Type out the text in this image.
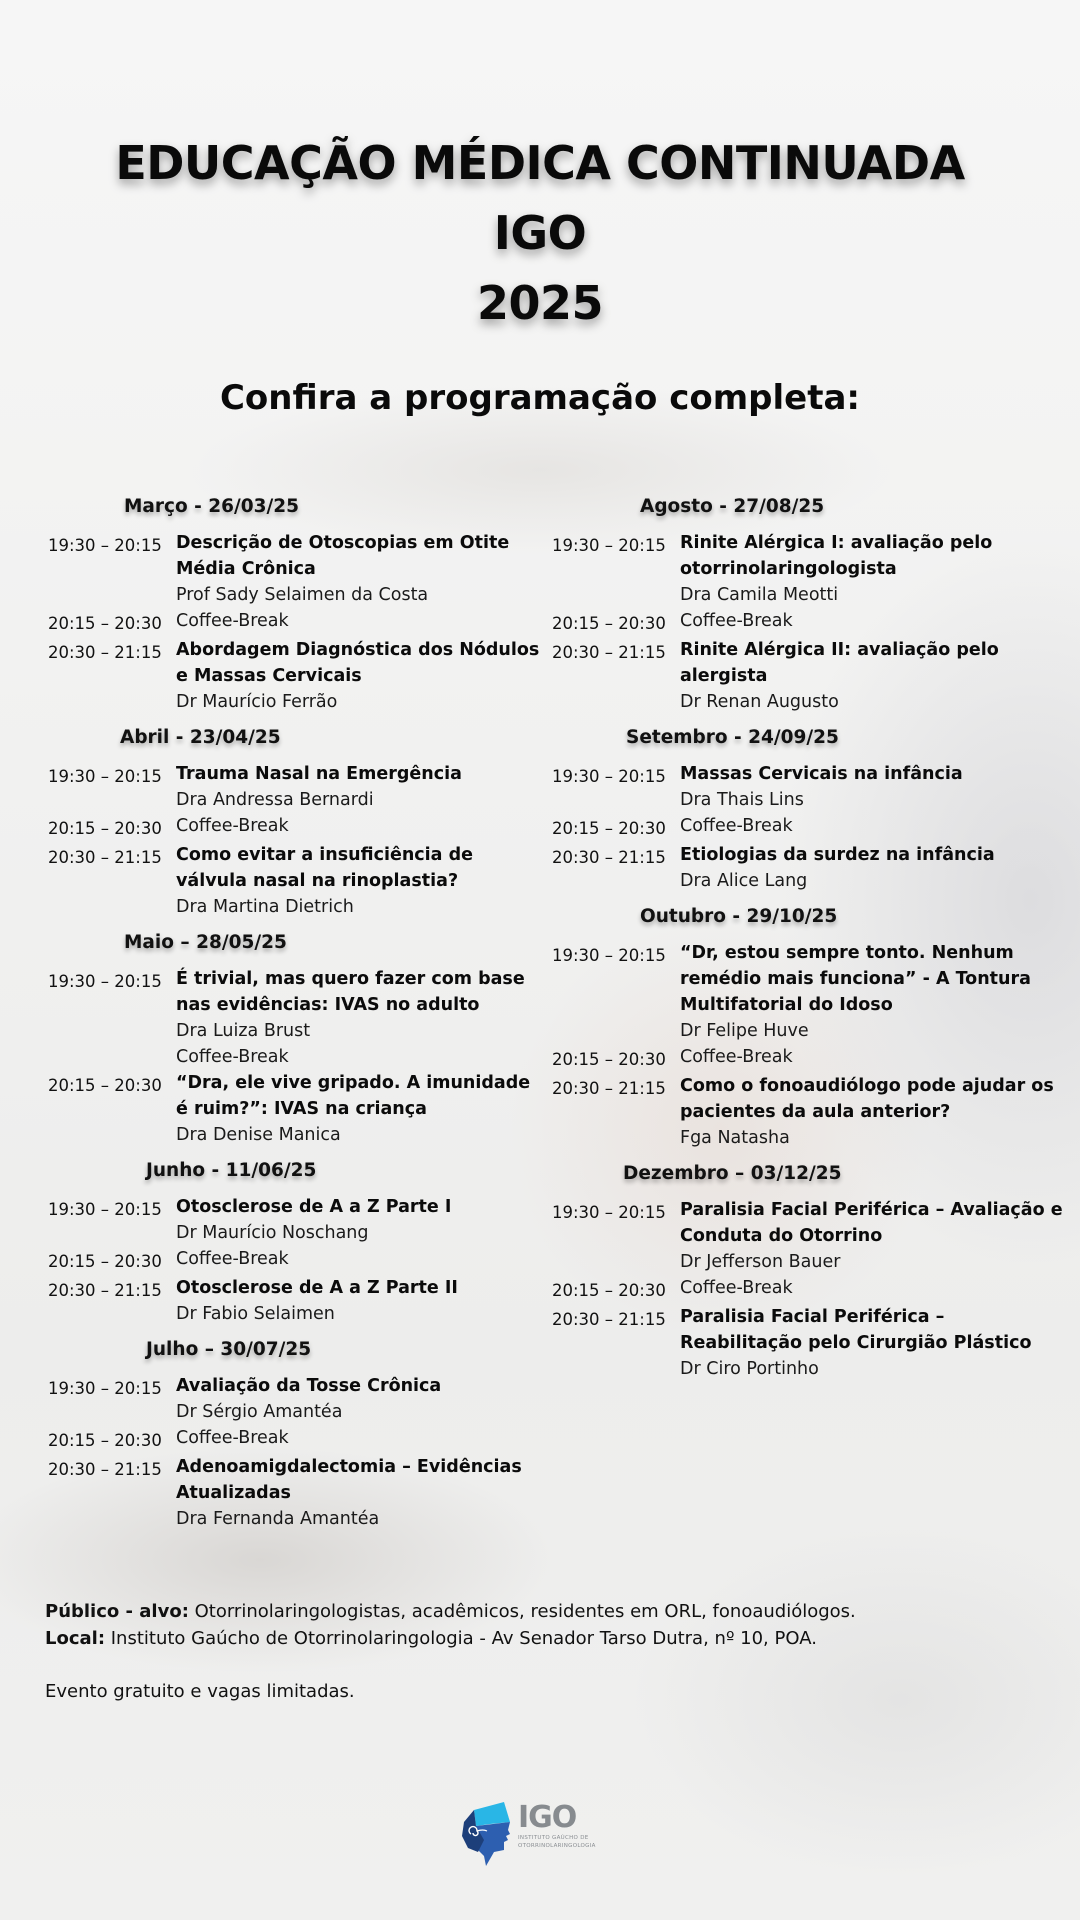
EDUCAÇÃO MÉDICA CONTINUADA
IGO
2025
Confira a programação completa:
Março - 26/03/25
19:30 – 20:15 Descrição de Otoscopias em Otite Média Crônica
Prof Sady Selaimen da Costa
20:15 – 20:30 Coffee-Break
20:30 – 21:15 Abordagem Diagnóstica dos Nódulos e Massas Cervicais
Dr Maurício Ferrão
Abril - 23/04/25
19:30 – 20:15 Trauma Nasal na Emergência
Dra Andressa Bernardi
20:15 – 20:30 Coffee-Break
20:30 – 21:15 Como evitar a insuficiência de válvula nasal na rinoplastia?
Dra Martina Dietrich
Maio – 28/05/25
19:30 – 20:15 É trivial, mas quero fazer com base nas evidências: IVAS no adulto
Dra Luiza Brust
Coffee-Break
20:15 – 20:30 “Dra, ele vive gripado. A imunidade é ruim?”: IVAS na criança
Dra Denise Manica
Junho - 11/06/25
19:30 – 20:15 Otosclerose de A a Z Parte I
Dr Maurício Noschang
20:15 – 20:30 Coffee-Break
20:30 – 21:15 Otosclerose de A a Z Parte II
Dr Fabio Selaimen
Julho – 30/07/25
19:30 – 20:15 Avaliação da Tosse Crônica
Dr Sérgio Amantéa
20:15 – 20:30 Coffee-Break
20:30 – 21:15 Adenoamigdalectomia – Evidências Atualizadas
Dra Fernanda Amantéa
Agosto - 27/08/25
19:30 – 20:15 Rinite Alérgica I: avaliação pelo otorrinolaringologista
Dra Camila Meotti
20:15 – 20:30 Coffee-Break
20:30 – 21:15 Rinite Alérgica II: avaliação pelo alergista
Dr Renan Augusto
Setembro - 24/09/25
19:30 – 20:15 Massas Cervicais na infância
Dra Thais Lins
20:15 – 20:30 Coffee-Break
20:30 – 21:15 Etiologias da surdez na infância
Dra Alice Lang
Outubro - 29/10/25
19:30 – 20:15 “Dr, estou sempre tonto. Nenhum remédio mais funciona” - A Tontura Multifatorial do Idoso
Dr Felipe Huve
20:15 – 20:30 Coffee-Break
20:30 – 21:15 Como o fonoaudiólogo pode ajudar os pacientes da aula anterior?
Fga Natasha
Dezembro – 03/12/25
19:30 – 20:15 Paralisia Facial Periférica – Avaliação e Conduta do Otorrino
Dr Jefferson Bauer
20:15 – 20:30 Coffee-Break
20:30 – 21:15 Paralisia Facial Periférica – Reabilitação pelo Cirurgião Plástico
Dr Ciro Portinho
Público - alvo: Otorrinolaringologistas, acadêmicos, residentes em ORL, fonoaudiólogos.
Local: Instituto Gaúcho de Otorrinolaringologia - Av Senador Tarso Dutra, nº 10, POA.
Evento gratuito e vagas limitadas.
IGO
INSTITUTO GAÚCHO DE
OTORRINOLARINGOLOGIA
